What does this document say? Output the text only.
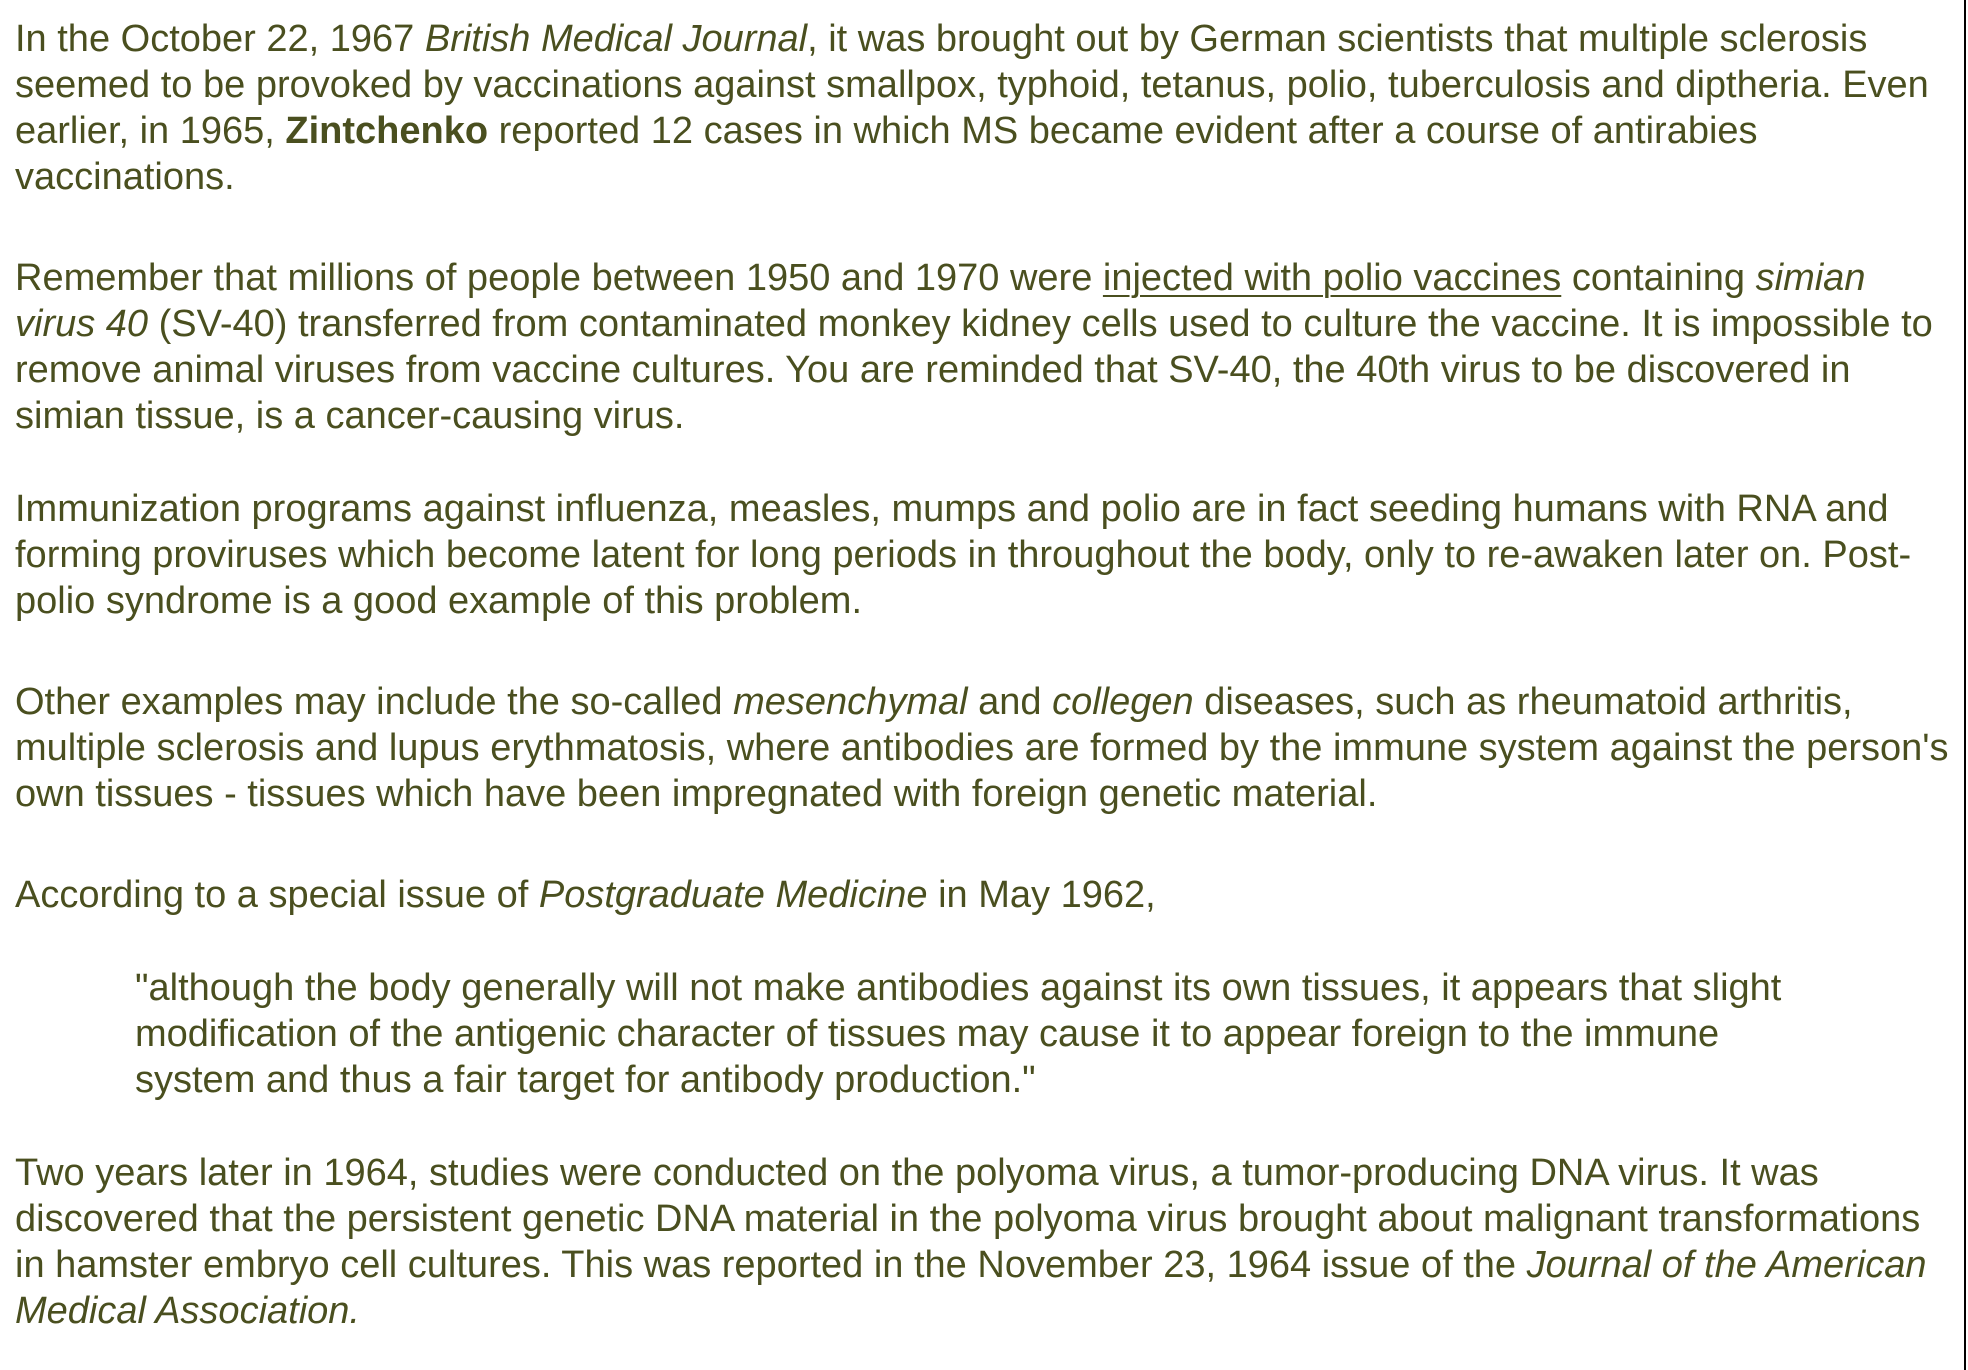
In the October 22, 1967 British Medical Journal, it was brought out by German scientists that multiple sclerosis seemed to be provoked by vaccinations against smallpox, typhoid, tetanus, polio, tuberculosis and diptheria. Even earlier, in 1965, Zintchenko reported 12 cases in which MS became evident after a course of antirabies vaccinations.

Remember that millions of people between 1950 and 1970 were injected with polio vaccines containing simian virus 40 (SV-40) transferred from contaminated monkey kidney cells used to culture the vaccine. It is impossible to remove animal viruses from vaccine cultures. You are reminded that SV-40, the 40th virus to be discovered in simian tissue, is a cancer-causing virus.

Immunization programs against influenza, measles, mumps and polio are in fact seeding humans with RNA and forming proviruses which become latent for long periods in throughout the body, only to re-awaken later on. Post-polio syndrome is a good example of this problem.

Other examples may include the so-called mesenchymal and collegen diseases, such as rheumatoid arthritis, multiple sclerosis and lupus erythmatosis, where antibodies are formed by the immune system against the person's own tissues - tissues which have been impregnated with foreign genetic material.

According to a special issue of Postgraduate Medicine in May 1962,

"although the body generally will not make antibodies against its own tissues, it appears that slight modification of the antigenic character of tissues may cause it to appear foreign to the immune system and thus a fair target for antibody production."

Two years later in 1964, studies were conducted on the polyoma virus, a tumor-producing DNA virus. It was discovered that the persistent genetic DNA material in the polyoma virus brought about malignant transformations in hamster embryo cell cultures. This was reported in the November 23, 1964 issue of the Journal of the American Medical Association.
